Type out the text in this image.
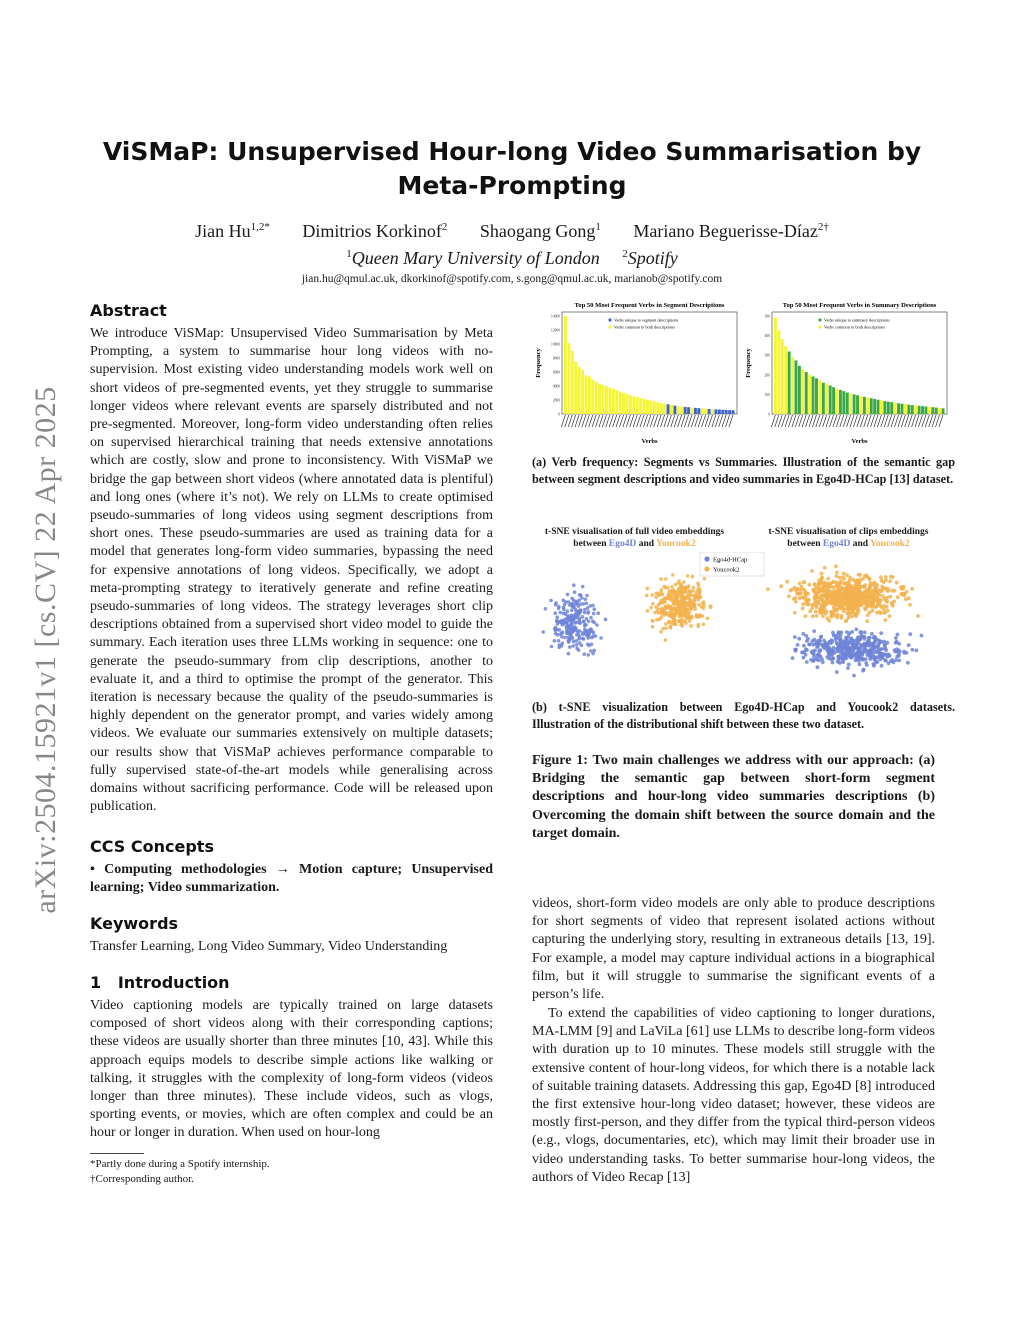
arXiv:2504.15921v1 [cs.CV] 22 Apr 2025
ViSMaP: Unsupervised Hour-long Video Summarisation by Meta-Prompting
Jian $Hu^{1,2*}$ Dimitrios Korkinof$^2$ Shaogang Gong$^1$ Mariano Beguerisse-Díaz$^{2\dagger}$
$^1$Queen Mary University of London $^2$Spotify
jian.hu@qmul.ac.uk, dkorkinof@spotify.com, s.gong@qmul.ac.uk, marianob@spotify.com
Abstract
We introduce ViSMap: Unsupervised Video Summarisation by Meta Prompting, a system to summarise hour long videos with no-supervision. Most existing video understanding models work well on short videos of pre-segmented events, yet they struggle to summarise longer videos where relevant events are sparsely distributed and not pre-segmented. Moreover, long-form video understanding often relies on supervised hierarchical training that needs extensive annotations which are costly, slow and prone to inconsistency. With ViSMaP we bridge the gap between short videos (where annotated data is plentiful) and long ones (where it’s not). We rely on LLMs to create optimised pseudo-summaries of long videos using segment descriptions from short ones. These pseudo-summaries are used as training data for a model that generates long-form video summaries, bypassing the need for expensive annotations of long videos. Specifically, we adopt a meta-prompting strategy to iteratively generate and refine creating pseudo-summaries of long videos. The strategy leverages short clip descriptions obtained from a supervised short video model to guide the summary. Each iteration uses three LLMs working in sequence: one to generate the pseudo-summary from clip descriptions, another to evaluate it, and a third to optimise the prompt of the generator. This iteration is necessary because the quality of the pseudo-summaries is highly dependent on the generator prompt, and varies widely among videos. We evaluate our summaries extensively on multiple datasets; our results show that ViSMaP achieves performance comparable to fully supervised state-of-the-art models while generalising across domains without sacrificing performance. Code will be released upon publication.
CCS Concepts
• Computing methodologies → Motion capture; Unsupervised learning; Video summarization.
Keywords
Transfer Learning, Long Video Summary, Video Understanding
1   Introduction
Video captioning models are typically trained on large datasets composed of short videos along with their corresponding captions; these videos are usually shorter than three minutes [10, 43]. While this approach equips models to describe simple actions like walking or talking, it struggles with the complexity of long-form videos (videos longer than three minutes). These include videos, such as vlogs, sporting events, or movies, which are often complex and could be an hour or longer in duration. When used on hour-long
*Partly done during a Spotify internship.
†Corresponding author.
Top 50 Most Frequent Verbs in Segment Descriptions
14000
12000
10000
8000
6000
4000
2000
0
Verbs
Frequency
Verbs unique to segment descriptions
Verbs common to both descriptions
Top 50 Most Frequent Verbs in Summary Descriptions
500
400
300
200
100
0
Verbs
Frequency
Verbs unique to summary descriptions
Verbs common to both descriptions
(a) Verb frequency: Segments vs Summaries. Illustration of the semantic gap between segment descriptions and video summaries in Ego4D-HCap [13] dataset.
t-SNE visualisation of full video embeddings
between Ego4D and Youcook2
t-SNE visualisation of clips embeddings
between Ego4D and Youcook2
Ego4d-HCap
Youcook2
(b) t-SNE visualization between Ego4D-HCap and Youcook2 datasets. Illustration of the distributional shift between these two dataset.
Figure 1: Two main challenges we address with our approach: (a) Bridging the semantic gap between short-form segment descriptions and hour-long video summaries descriptions (b) Overcoming the domain shift between the source domain and the target domain.
videos, short-form video models are only able to produce descriptions for short segments of video that represent isolated actions without capturing the underlying story, resulting in extraneous details [13, 19]. For example, a model may capture individual actions in a biographical film, but it will struggle to summarise the significant events of a person’s life.
To extend the capabilities of video captioning to longer durations, MA-LMM [9] and LaViLa [61] use LLMs to describe long-form videos with duration up to 10 minutes. These models still struggle with the extensive content of hour-long videos, for which there is a notable lack of suitable training datasets. Addressing this gap, Ego4D [8] introduced the first extensive hour-long video dataset; however, these videos are mostly first-person, and they differ from the typical third-person videos (e.g., vlogs, documentaries, etc), which may limit their broader use in video understanding tasks. To better summarise hour-long videos, the authors of Video Recap [13]
